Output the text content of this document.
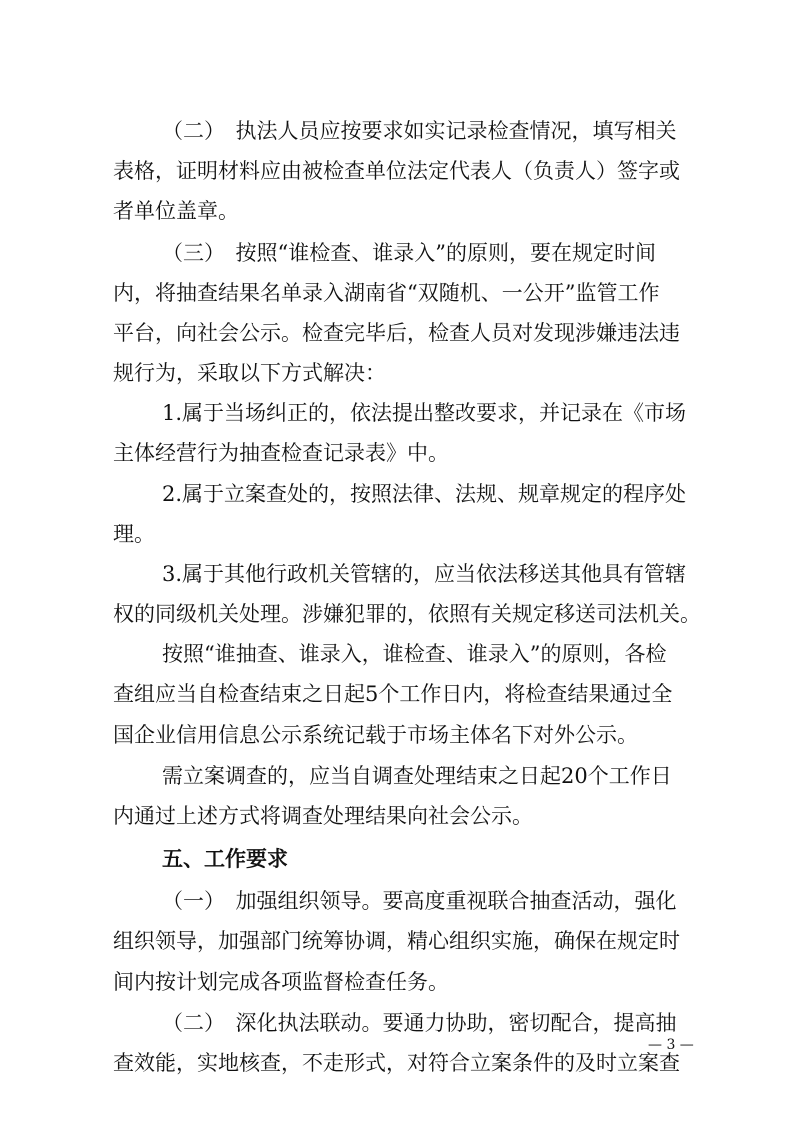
（二）　执法人员应按要求如实记录检查情况，填写相关
表格，证明材料应由被检查单位法定代表人（负责人）签字或
者单位盖章。
（三）　按照“谁检查、谁录入”的原则，要在规定时间
内，将抽查结果名单录入湖南省“双随机、一公开”监管工作
平台，向社会公示。检查完毕后，检查人员对发现涉嫌违法违
规行为，采取以下方式解决：
1.属于当场纠正的，依法提出整改要求，并记录在《市场
主体经营行为抽查检查记录表》中。
2.属于立案查处的，按照法律、法规、规章规定的程序处
理。
3.属于其他行政机关管辖的，应当依法移送其他具有管辖
权的同级机关处理。涉嫌犯罪的，依照有关规定移送司法机关。
按照“谁抽查、谁录入，谁检查、谁录入”的原则，各检
查组应当自检查结束之日起5个工作日内，将检查结果通过全
国企业信用信息公示系统记载于市场主体名下对外公示。
需立案调查的，应当自调查处理结束之日起20个工作日
内通过上述方式将调查处理结果向社会公示。
五、工作要求
（一）　加强组织领导。要高度重视联合抽查活动，强化
组织领导，加强部门统筹协调，精心组织实施，确保在规定时
间内按计划完成各项监督检查任务。
（二）　深化执法联动。要通力协助，密切配合，提高抽
查效能，实地核查，不走形式，对符合立案条件的及时立案查
— 3 —
